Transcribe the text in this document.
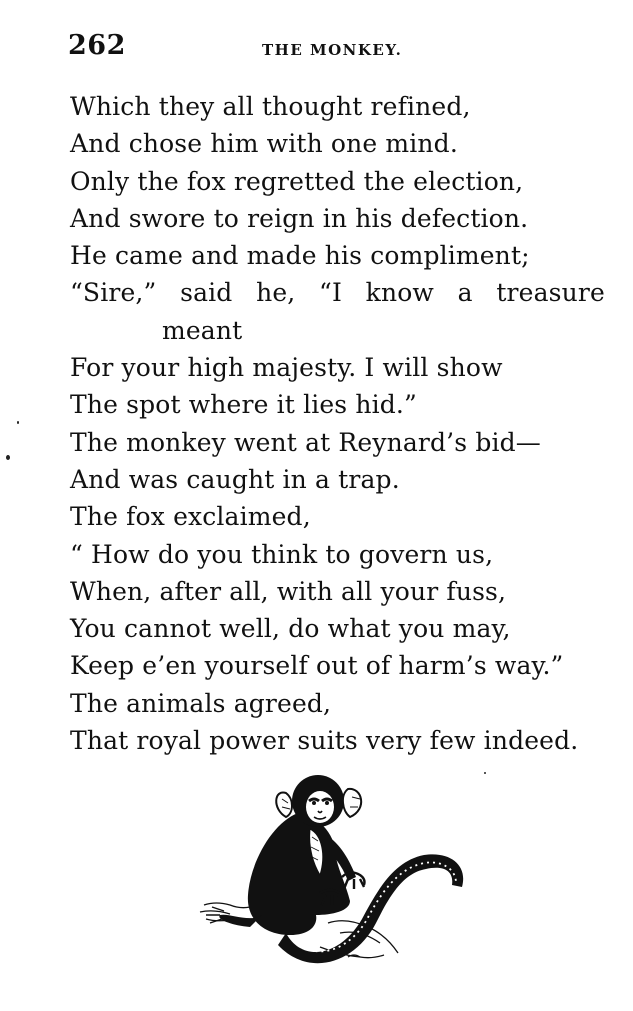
262	THE MONKEY.
Which they all thought refined,
And chose him with one mind.
Only the fox regretted the election,
And swore to reign in his defection.
He came and made his compliment;
“Sire,” said he, “I know a treasure
meant
For your high majesty. I will show
The spot where it lies hid.”
The monkey went at Reynard’s bid—
And was caught in a trap.
The fox exclaimed,
“ How do you think to govern us,
When, after all, with all your fuss,
You cannot well, do what you may,
Keep e’en yourself out of harm’s way.”
The animals agreed,
That royal power suits very few indeed.
